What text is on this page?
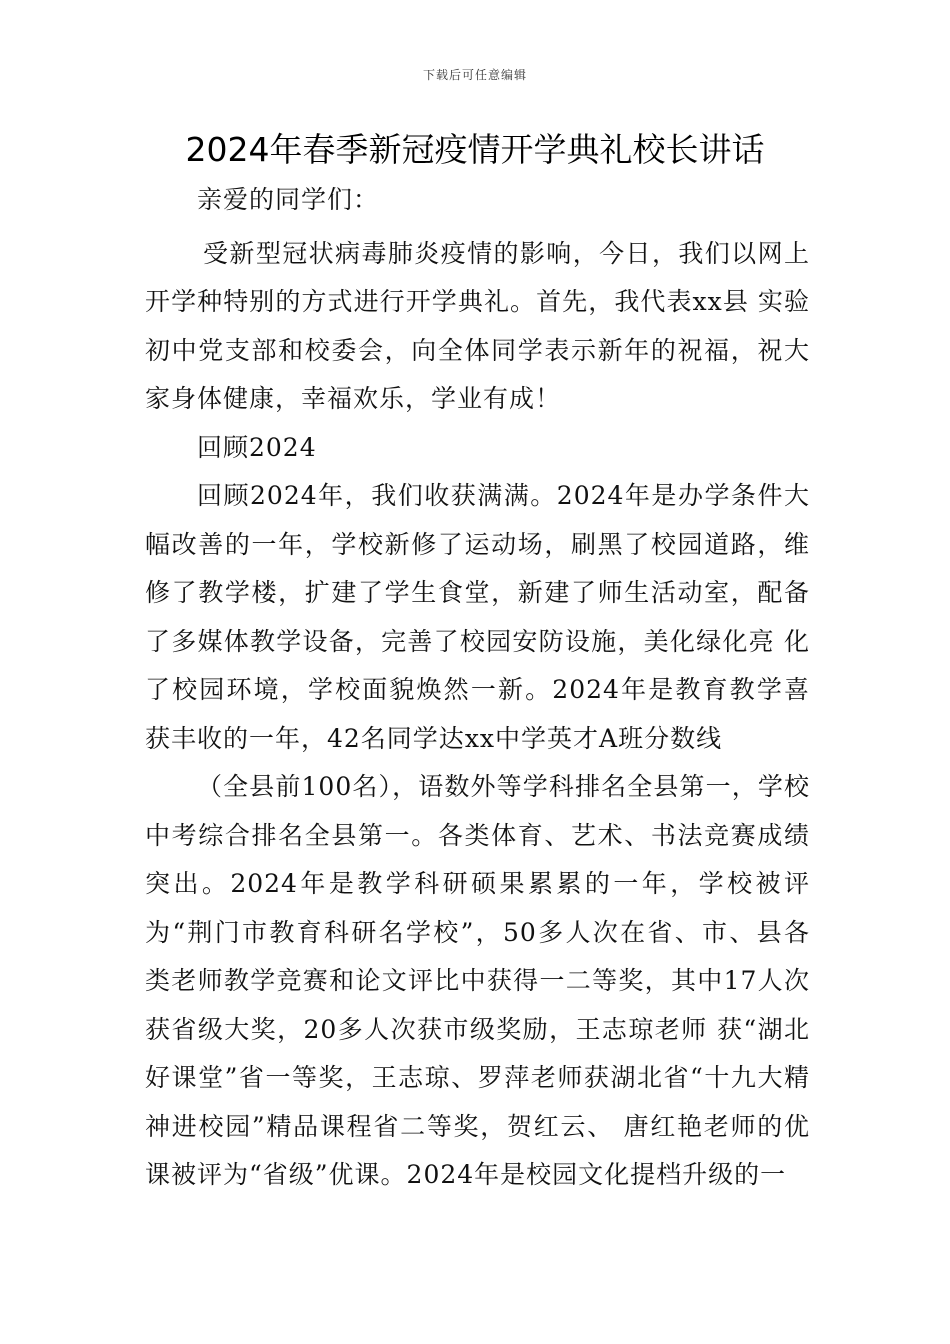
下载后可任意编辑
2024年春季新冠疫情开学典礼校长讲话

亲爱的同学们：

受新型冠状病毒肺炎疫情的影响，今日，我们以网上开学种特别的方式进行开学典礼。首先，我代表xx县 实验初中党支部和校委会，向全体同学表示新年的祝福，祝大家身体健康，幸福欢乐，学业有成！

回顾2024

回顾2024年，我们收获满满。2024年是办学条件大幅改善的一年，学校新修了运动场，刷黑了校园道路，维修了教学楼，扩建了学生食堂，新建了师生活动室，配备了多媒体教学设备，完善了校园安防设施，美化绿化亮 化了校园环境，学校面貌焕然一新。2024年是教育教学喜获丰收的一年，42名同学达xx中学英才A班分数线

（全县前100名），语数外等学科排名全县第一，学校中考综合排名全县第一。各类体育、艺术、书法竞赛成绩突出。2024年是教学科研硕果累累的一年，学校被评为“荆门市教育科研名学校”，50多人次在省、市、县各 类老师教学竞赛和论文评比中获得一二等奖，其中17人次获省级大奖，20多人次获市级奖励，王志琼老师 获“湖北好课堂”省一等奖，王志琼、罗萍老师获湖北省“十九大精神进校园”精品课程省二等奖，贺红云、 唐红艳老师的优课被评为“省级”优课。2024年是校园文化提档升级的一
